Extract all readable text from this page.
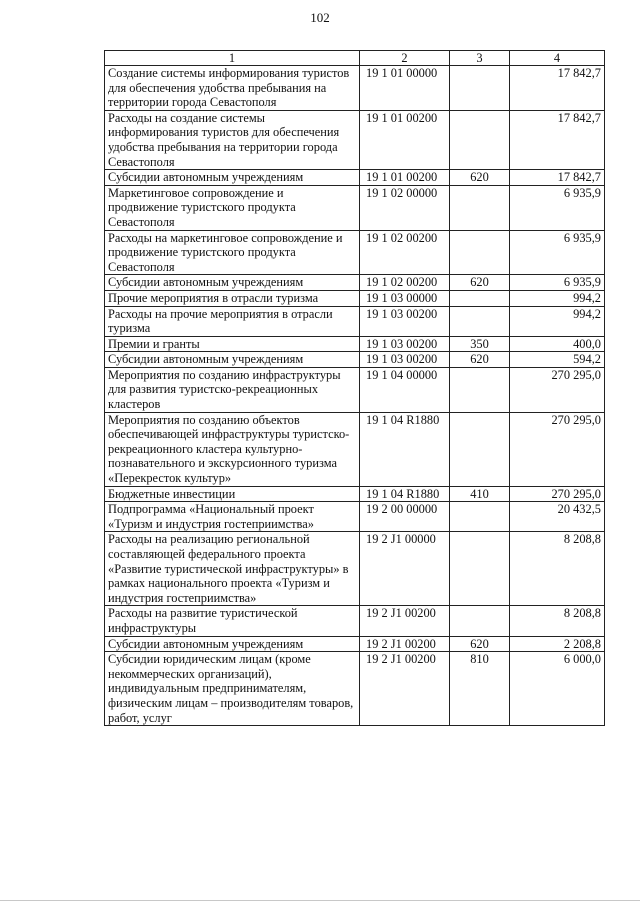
102
1	2	3	4
Создание системы информирования туристов для обеспечения удобства пребывания на территории города Севастополя	19 1 01 00000		17 842,7
Расходы на создание системы информирования туристов для обеспечения удобства пребывания на территории города Севастополя	19 1 01 00200		17 842,7
Субсидии автономным учреждениям	19 1 01 00200	620	17 842,7
Маркетинговое сопровождение и продвижение туристского продукта Севастополя	19 1 02 00000		6 935,9
Расходы на маркетинговое сопровождение и продвижение туристского продукта Севастополя	19 1 02 00200		6 935,9
Субсидии автономным учреждениям	19 1 02 00200	620	6 935,9
Прочие мероприятия в отрасли туризма	19 1 03 00000		994,2
Расходы на прочие мероприятия в отрасли туризма	19 1 03 00200		994,2
Премии и гранты	19 1 03 00200	350	400,0
Субсидии автономным учреждениям	19 1 03 00200	620	594,2
Мероприятия по созданию инфраструктуры для развития туристско-рекреационных кластеров	19 1 04 00000		270 295,0
Мероприятия по созданию объектов обеспечивающей инфраструктуры туристско-рекреационного кластера культурно-познавательного и экскурсионного туризма «Перекресток культур»	19 1 04 R1880		270 295,0
Бюджетные инвестиции	19 1 04 R1880	410	270 295,0
Подпрограмма «Национальный проект «Туризм и индустрия гостеприимства»	19 2 00 00000		20 432,5
Расходы на реализацию региональной составляющей федерального проекта «Развитие туристической инфраструктуры» в рамках национального проекта «Туризм и индустрия гостеприимства»	19 2 J1 00000		8 208,8
Расходы на развитие туристической инфраструктуры	19 2 J1 00200		8 208,8
Субсидии автономным учреждениям	19 2 J1 00200	620	2 208,8
Субсидии юридическим лицам (кроме некоммерческих организаций), индивидуальным предпринимателям, физическим лицам – производителям товаров, работ, услуг	19 2 J1 00200	810	6 000,0
